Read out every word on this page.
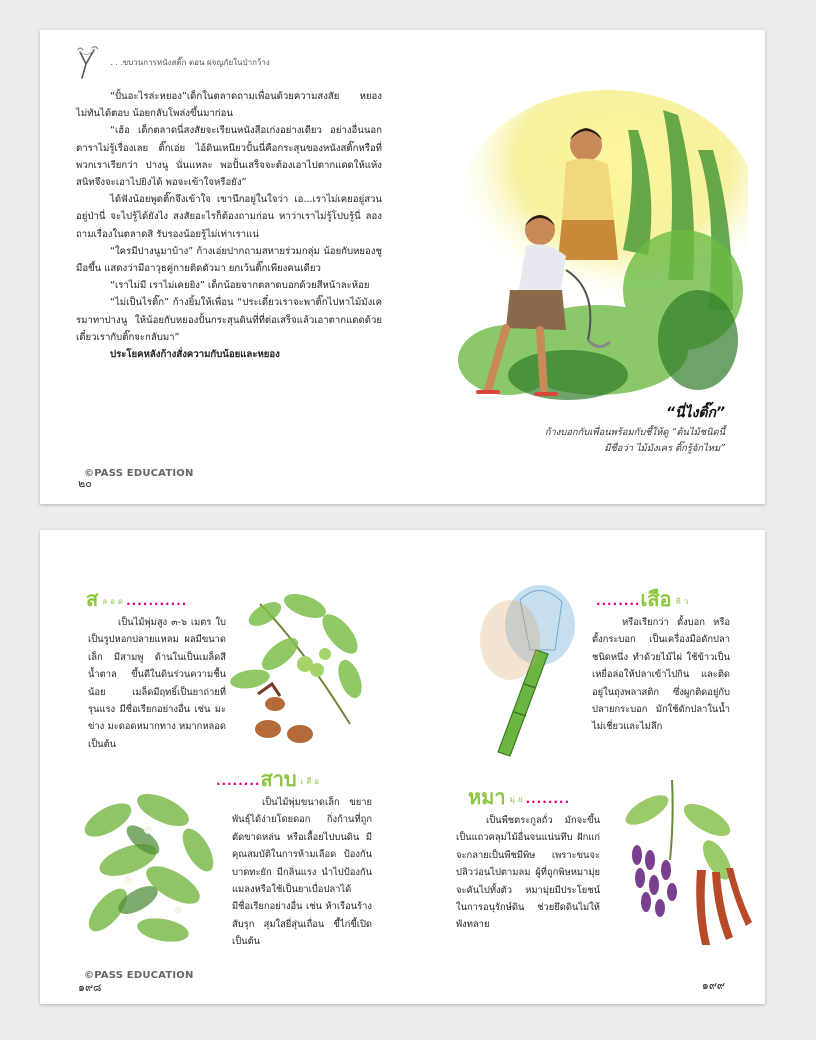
. . .ขบวนการหนังสติ๊ก ตอน ผจญภัยในป่ากว้าง

“ปั้นอะไรล่ะหยอง”เด็กในตลาดถามเพื่อนด้วยความสงสัย หยองไม่ทันได้ตอบ น้อยกลับโพล่งขึ้นมาก่อน

“เฮ้อ เด็กตลาดนี่สงสัยจะเรียนหนังสือเก่งอย่างเดียว อย่างอื่นนอกตาราไม่รู้เรื่องเลย ติ๊กเอ่ย ไอ้ดินเหนียวปั้นนี่คือกระสุนของหนังสติ๊กหรือที่พวกเราเรียกว่า ปางนู นั่นแหละ พอปั้นเสร็จจะต้องเอาไปตากแดดให้แห้งสนิทจึงจะเอาไปยิงได้ พอจะเข้าใจหรือยัง”

ได้ฟังน้อยพูดติ๊กจึงเข้าใจ เขานึกอยู่ในใจว่า เอ...เราไม่เคยอยู่สวนอยู่ป่านี่ จะไปรู้ได้ยังไง สงสัยอะไรก็ต้องถามก่อน หาว่าเราไม่รู้โปบรู้นี่ ลองถามเรื่องในตลาดสิ รับรองน้อยรู้ไม่เท่าเราแน่

“ใครมีปางนูมาบ้าง” ก้างเอ่ยปากถามสหายร่วมกลุ่ม น้อยกับหยองชูมือขึ้น แสดงว่ามีอาวุธคู่กายติดตัวมา ยกเว้นติ๊กเพียงคนเดียว

“เราไม่มี เราไม่เคยยิง” เด็กน้อยจากตลาดบอกด้วยสีหน้าละห้อย

“ไม่เป็นไรติ๊ก” ก้างยิ้มให้เพื่อน “ประเดี๋ยวเราจะพาติ๊กไปหาไม้มังเครมาทาปางนู ให้น้อยกับหยองปั้นกระสุนดินที่ที่ต่อเสร็จแล้วเอาตากแดดด้วย เดี๋ยวเรากับติ๊กจะกลับมา”

ประโยคหลังก้างสั่งความกับน้อยและหยอง

๒๐
©PASS EDUCATION
“นี่ไงติ๊ก”
ก้างบอกกับเพื่อนพร้อมกับชี้ให้ดู “ต้นไม้ชนิดนี้
มีชื่อว่า ไม้มังเคร ติ๊กรู้จักไหม”
ส ลอด ...........

เป็นไม้พุ่มสูง ๓-๖ เมตร ใบเป็นรูปหอกปลายแหลม ผลมีขนาดเล็ก มีสามพู ด้านในเป็นเมล็ดสีน้ำตาล ขึ้นดีในดินร่วนความชื้นน้อย เมล็ดมีฤทธิ์เป็นยาถ่ายที่รุนแรง มีชื่อเรียกอย่างอื่น เช่น มะข่าง มะดอดหมากทาง หมากหลอด เป็นต้น

........ สาบ เสือ

เป็นไม้พุ่มขนาดเล็ก ขยายพันธุ์ได้ง่ายโดยดอก กิ่งก้านที่ถูกตัดขาดหล่น หรือเลื้อยไปบนดิน มีคุณสมบัติในการห้ามเลือด ป้องกันบาดทะยัก มีกลิ่นแรง นำไปป้องกันแมลงหรือใช้เป็นยาเบื่อปลาได้ มีชื่อเรียกอย่างอื่น เช่น ห้าเรือนร้าง สับรุก สุมใสยี่สุ่นเถื่อน ขี้ไก่ขี้เปิด เป็นต้น

©PASS EDUCATION
๑๙๘
........ เสือ หิว

หรือเรียกว่า ตั้งบอก หรือตั้งกระบอก เป็นเครื่องมือดักปลาชนิดหนึ่ง ทำด้วยไม้ไผ่ ใช้ข้าวเป็นเหยื่อล่อให้ปลาเข้าไปกิน และติดอยู่ในถุงพลาสติก ซึ่งผูกติดอยู่กับปลายกระบอก มักใช้ดักปลาในน้ำไม่เชี่ยวและไม่ลึก

หมา มุ่ย ........

เป็นพืชตระกูลถั่ว มักจะขึ้นเป็นแถวคลุมไม้อื่นจนแน่นทึบ ฝักแก่จะกลายเป็นพืชมีพิษ เพราะขนจะปลิวว่อนไปตามลม ผู้ที่ถูกพิษหมามุ่ยจะคันไปทั้งตัว หมามุ่ยมีประโยชน์ในการอนุรักษ์ดิน ช่วยยึดดินไม่ให้พังทลาย

๑๙๙
